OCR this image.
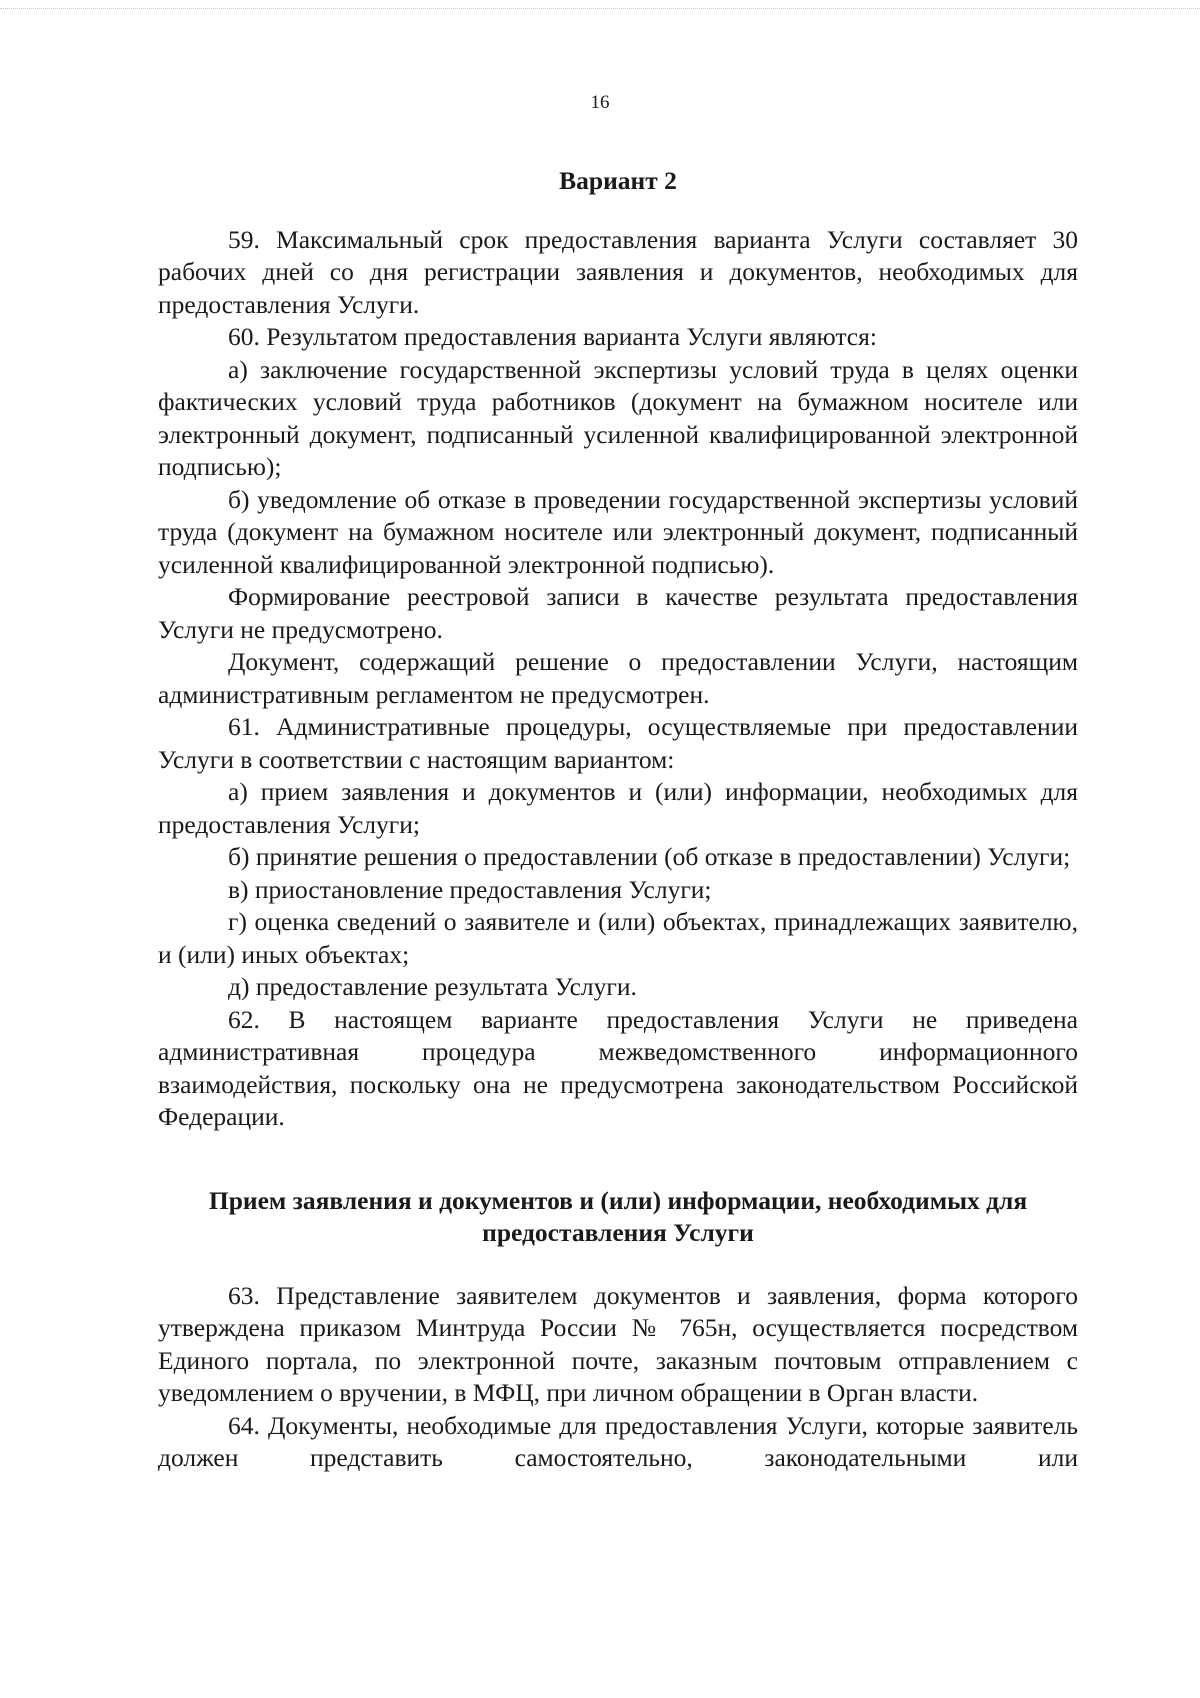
16

Вариант 2

59. Максимальный срок предоставления варианта Услуги составляет 30 рабочих дней со дня регистрации заявления и документов, необходимых для предоставления Услуги.

60. Результатом предоставления варианта Услуги являются:

а) заключение государственной экспертизы условий труда в целях оценки фактических условий труда работников (документ на бумажном носителе или электронный документ, подписанный усиленной квалифицированной электронной подписью);

б) уведомление об отказе в проведении государственной экспертизы условий труда (документ на бумажном носителе или электронный документ, подписанный усиленной квалифицированной электронной подписью).

Формирование реестровой записи в качестве результата предоставления Услуги не предусмотрено.

Документ, содержащий решение о предоставлении Услуги, настоящим административным регламентом не предусмотрен.

61. Административные процедуры, осуществляемые при предоставлении Услуги в соответствии с настоящим вариантом:

а) прием заявления и документов и (или) информации, необходимых для предоставления Услуги;

б) принятие решения о предоставлении (об отказе в предоставлении) Услуги;

в) приостановление предоставления Услуги;

г) оценка сведений о заявителе и (или) объектах, принадлежащих заявителю, и (или) иных объектах;

д) предоставление результата Услуги.

62. В настоящем варианте предоставления Услуги не приведена административная процедура межведомственного информационного взаимодействия, поскольку она не предусмотрена законодательством Российской Федерации.

Прием заявления и документов и (или) информации, необходимых для предоставления Услуги

63. Представление заявителем документов и заявления, форма которого утверждена приказом Минтруда России № 765н, осуществляется посредством Единого портала, по электронной почте, заказным почтовым отправлением с уведомлением о вручении, в МФЦ, при личном обращении в Орган власти.

64. Документы, необходимые для предоставления Услуги, которые заявитель должен представить самостоятельно, законодательными или
